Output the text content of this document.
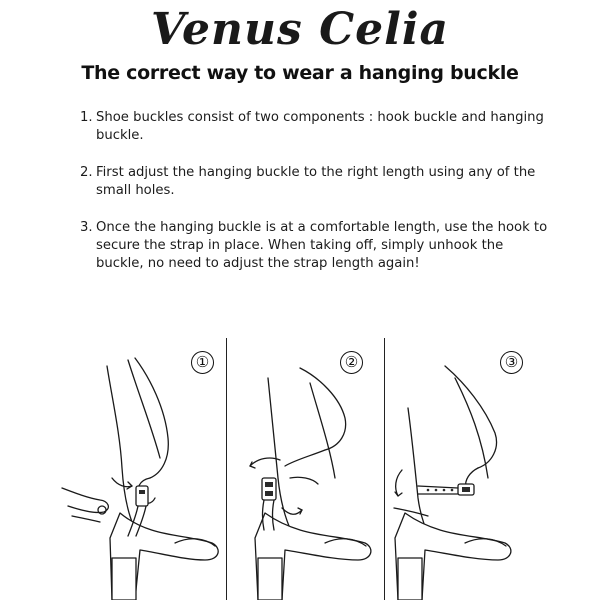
Venus Celia
The correct way to wear a hanging buckle
1. Shoe buckles consist of two components : hook buckle and hanging buckle.
2. First adjust the hanging buckle to the right length using any of the small holes.
3. Once the hanging buckle is at a comfortable length, use the hook to secure the strap in place. When taking off, simply unhook the buckle, no need to adjust the strap length again!
①	②	③
